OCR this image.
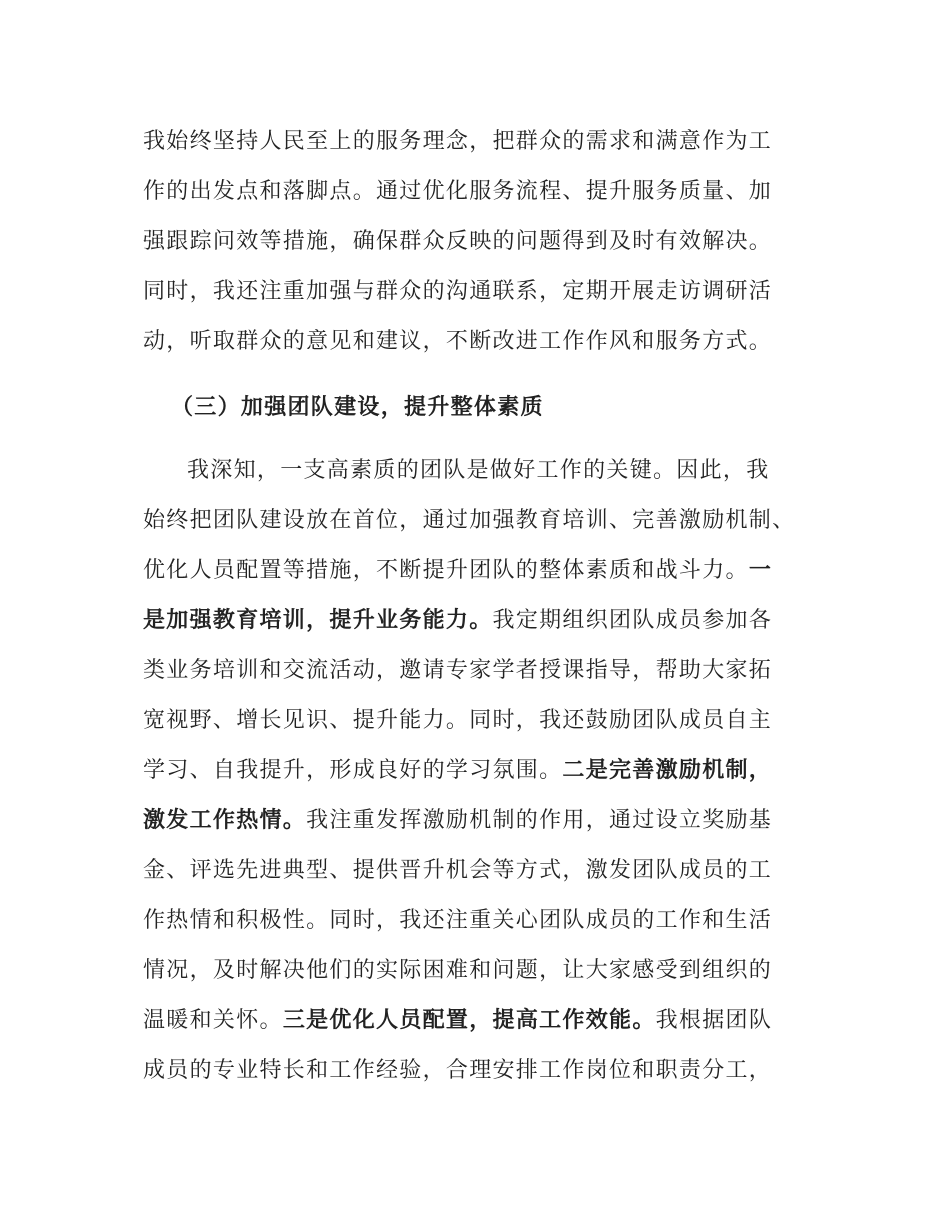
我始终坚持人民至上的服务理念，把群众的需求和满意作为工
作的出发点和落脚点。通过优化服务流程、提升服务质量、加
强跟踪问效等措施，确保群众反映的问题得到及时有效解决。
同时，我还注重加强与群众的沟通联系，定期开展走访调研活
动，听取群众的意见和建议，不断改进工作作风和服务方式。
（三）加强团队建设，提升整体素质
我深知，一支高素质的团队是做好工作的关键。因此，我
始终把团队建设放在首位，通过加强教育培训、完善激励机制、
优化人员配置等措施，不断提升团队的整体素质和战斗力。一
是加强教育培训，提升业务能力。我定期组织团队成员参加各
类业务培训和交流活动，邀请专家学者授课指导，帮助大家拓
宽视野、增长见识、提升能力。同时，我还鼓励团队成员自主
学习、自我提升，形成良好的学习氛围。二是完善激励机制，
激发工作热情。我注重发挥激励机制的作用，通过设立奖励基
金、评选先进典型、提供晋升机会等方式，激发团队成员的工
作热情和积极性。同时，我还注重关心团队成员的工作和生活
情况，及时解决他们的实际困难和问题，让大家感受到组织的
温暖和关怀。三是优化人员配置，提高工作效能。我根据团队
成员的专业特长和工作经验，合理安排工作岗位和职责分工，
